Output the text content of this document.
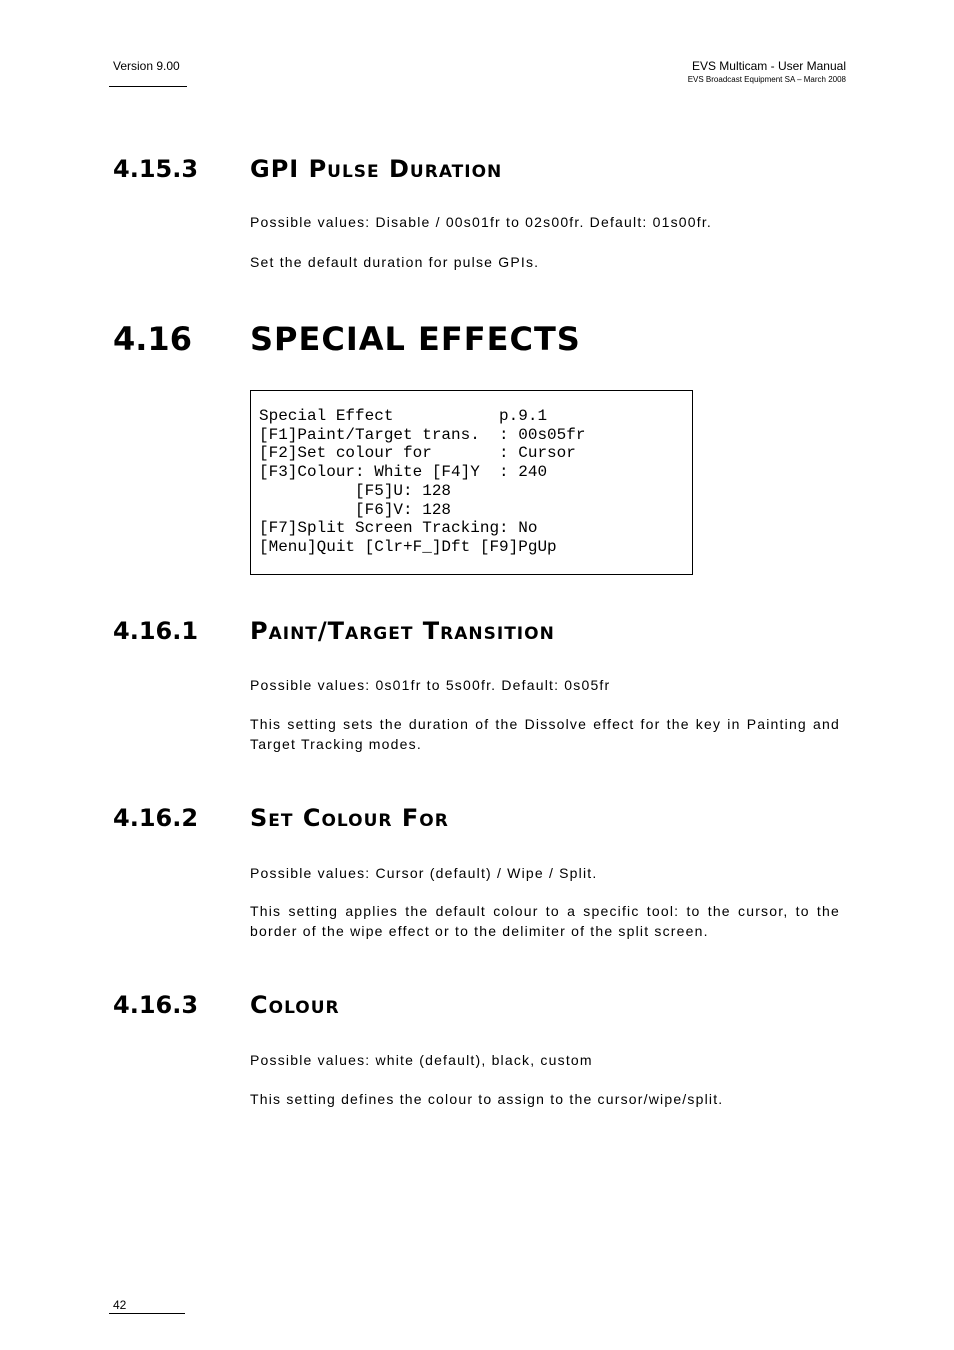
Version 9.00	EVS Multicam - User Manual
EVS Broadcast Equipment SA – March 2008
4.15.3 GPI Pulse Duration
Possible values: Disable / 00s01fr to 02s00fr. Default: 01s00fr.
Set the default duration for pulse GPIs.
4.16 SPECIAL EFFECTS
Special Effect           p.9.1
[F1]Paint/Target trans.  : 00s05fr
[F2]Set colour for       : Cursor
[F3]Colour: White [F4]Y  : 240
[F5]U: 128
[F6]V: 128
[F7]Split Screen Tracking: No
[Menu]Quit [Clr+F_]Dft [F9]PgUp
4.16.1 Paint/Target Transition
Possible values: 0s01fr to 5s00fr. Default: 0s05fr
This setting sets the duration of the Dissolve effect for the key in Painting and Target Tracking modes.
4.16.2 Set Colour For
Possible values: Cursor (default) / Wipe / Split.
This setting applies the default colour to a specific tool: to the cursor, to the border of the wipe effect or to the delimiter of the split screen.
4.16.3 Colour
Possible values: white (default), black, custom
This setting defines the colour to assign to the cursor/wipe/split.
42
